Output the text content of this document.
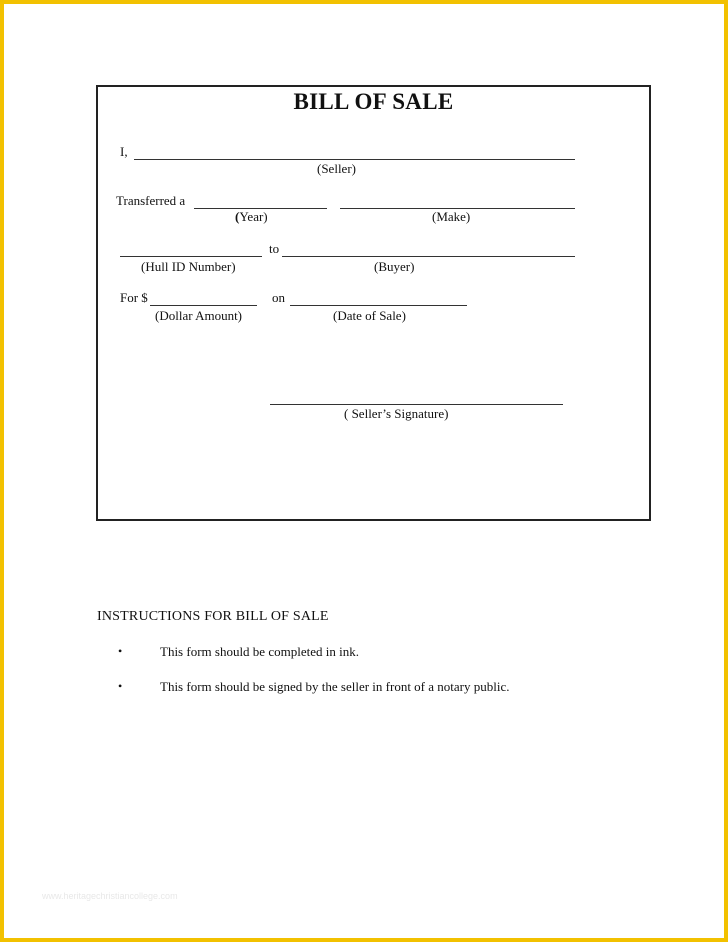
BILL OF SALE
I,
(Seller)
Transferred a
(Year)	(Make)
to
(Hull ID Number)	(Buyer)
For $	on
(Dollar Amount)	(Date of Sale)
( Seller’s Signature)
INSTRUCTIONS FOR BILL OF SALE
•	This form should be completed in ink.
•	This form should be signed by the seller in front of a notary public.
www.heritagechristiancollege.com
